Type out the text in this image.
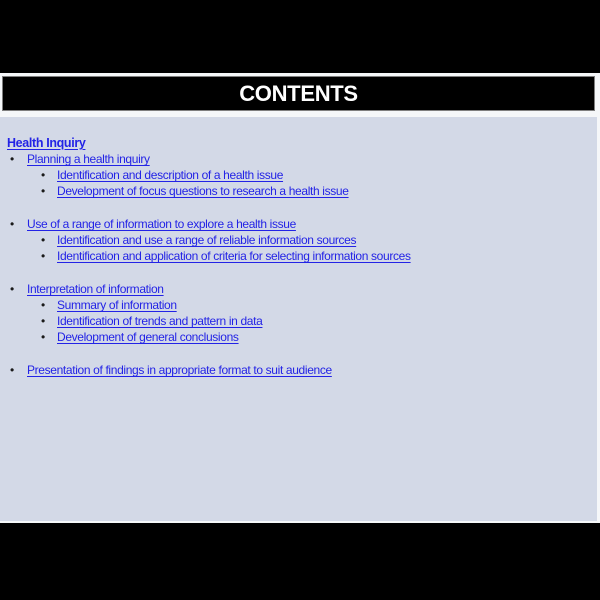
CONTENTS
Health Inquiry
• Planning a health inquiry
• Identification and description of a health issue
• Development of focus questions to research a health issue
• Use of a range of information to explore a health issue
• Identification and use a range of reliable information sources
• Identification and application of criteria for selecting information sources
• Interpretation of information
• Summary of information
• Identification of trends and pattern in data
• Development of general conclusions
• Presentation of findings in appropriate format to suit audience
